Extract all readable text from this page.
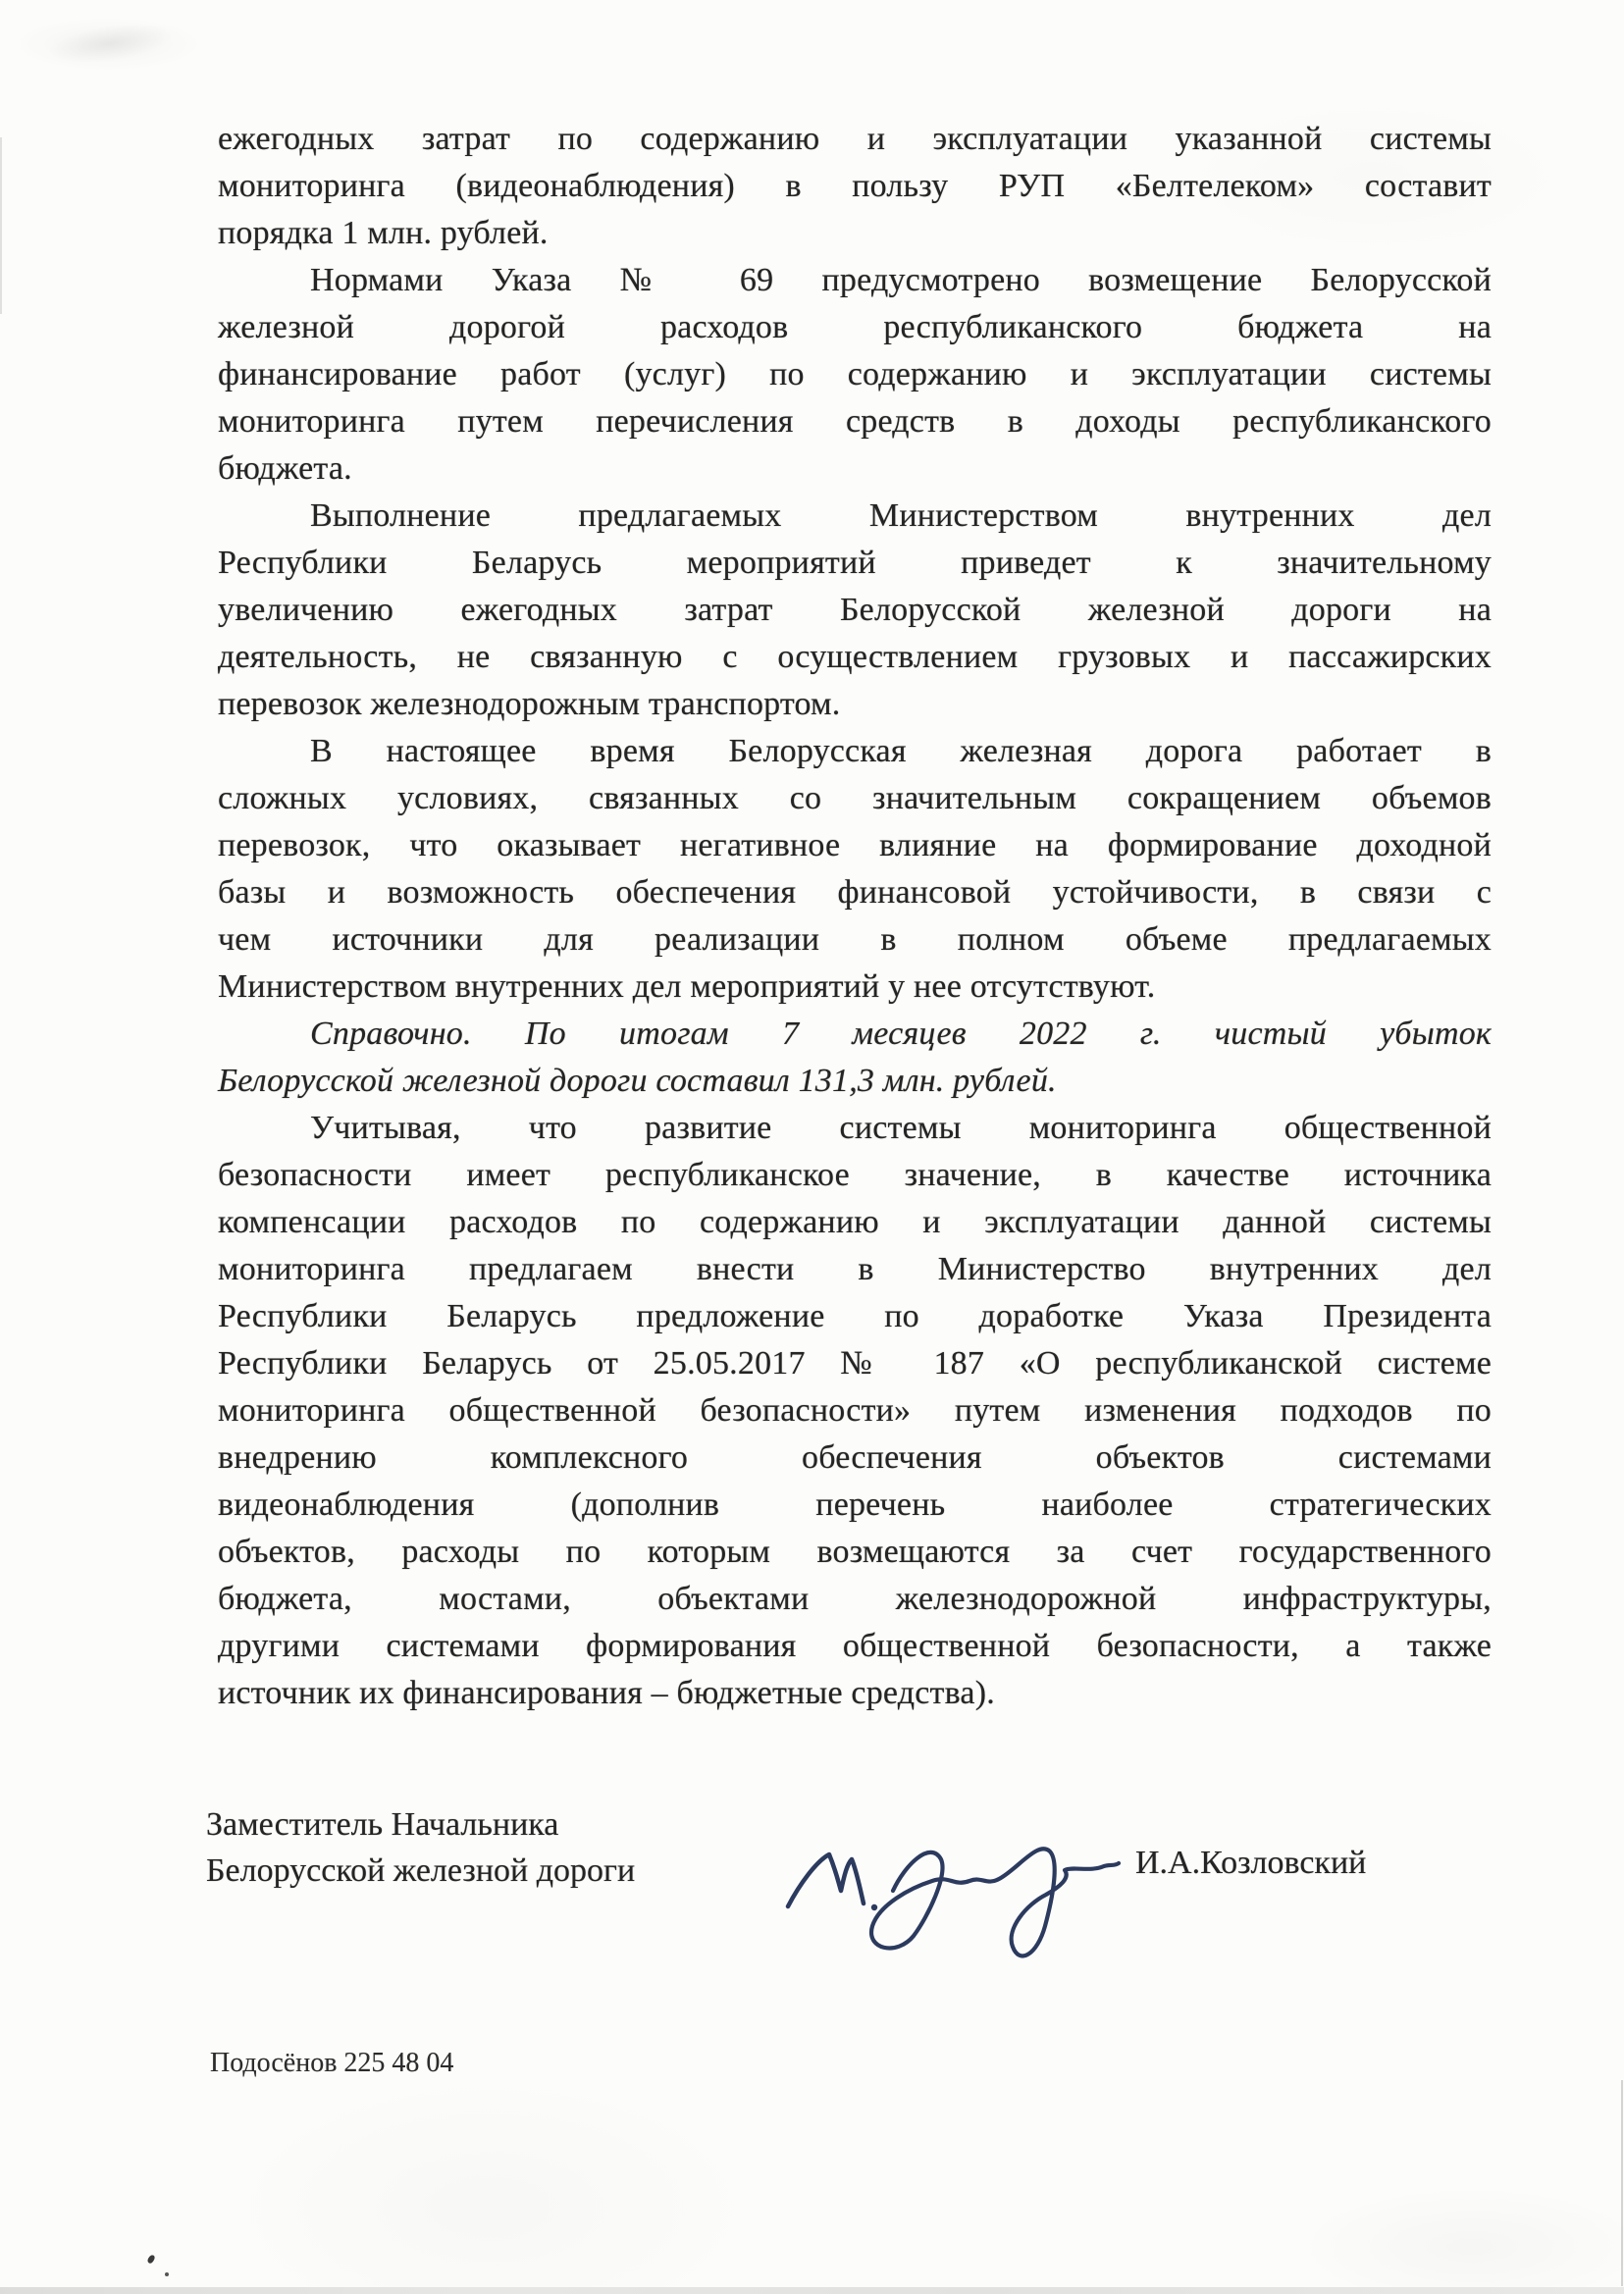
ежегодных затрат по содержанию и эксплуатации указанной системы
мониторинга (видеонаблюдения) в пользу РУП «Белтелеком» составит
порядка 1 млн. рублей.
Нормами Указа № 69 предусмотрено возмещение Белорусской
железной дорогой расходов республиканского бюджета на
финансирование работ (услуг) по содержанию и эксплуатации системы
мониторинга путем перечисления средств в доходы республиканского
бюджета.
Выполнение предлагаемых Министерством внутренних дел
Республики Беларусь мероприятий приведет к значительному
увеличению ежегодных затрат Белорусской железной дороги на
деятельность, не связанную с осуществлением грузовых и пассажирских
перевозок железнодорожным транспортом.
В настоящее время Белорусская железная дорога работает в
сложных условиях, связанных со значительным сокращением объемов
перевозок, что оказывает негативное влияние на формирование доходной
базы и возможность обеспечения финансовой устойчивости, в связи с
чем источники для реализации в полном объеме предлагаемых
Министерством внутренних дел мероприятий у нее отсутствуют.
Справочно. По итогам 7 месяцев 2022 г. чистый убыток
Белорусской железной дороги составил 131,3 млн. рублей.
Учитывая, что развитие системы мониторинга общественной
безопасности имеет республиканское значение, в качестве источника
компенсации расходов по содержанию и эксплуатации данной системы
мониторинга предлагаем внести в Министерство внутренних дел
Республики Беларусь предложение по доработке Указа Президента
Республики Беларусь от 25.05.2017 № 187 «О республиканской системе
мониторинга общественной безопасности» путем изменения подходов по
внедрению комплексного обеспечения объектов системами
видеонаблюдения (дополнив перечень наиболее стратегических
объектов, расходы по которым возмещаются за счет государственного
бюджета, мостами, объектами железнодорожной инфраструктуры,
другими системами формирования общественной безопасности, а также
источник их финансирования – бюджетные средства).
Заместитель Начальника
Белорусской железной дороги	И.А.Козловский
Подосёнов 225 48 04
